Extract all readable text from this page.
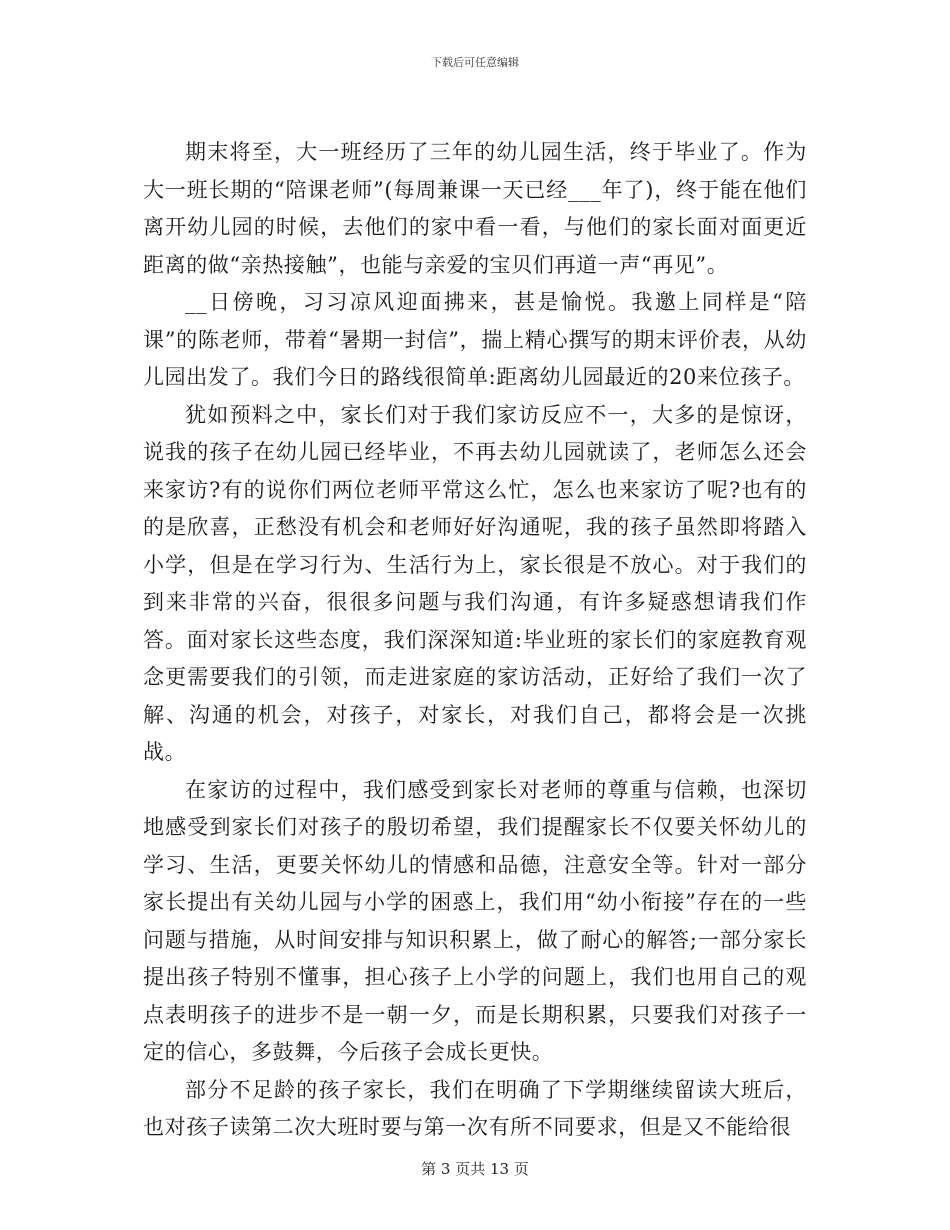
下载后可任意编辑

期末将至，大一班经历了三年的幼儿园生活，终于毕业了。作为大一班长期的“陪课老师”(每周兼课一天已经___年了)，终于能在他们离开幼儿园的时候，去他们的家中看一看，与他们的家长面对面更近距离的做“亲热接触”，也能与亲爱的宝贝们再道一声“再见”。

__日傍晚，习习凉风迎面拂来，甚是愉悦。我邀上同样是“陪课”的陈老师，带着“暑期一封信”，揣上精心撰写的期末评价表，从幼儿园出发了。我们今日的路线很简单:距离幼儿园最近的20来位孩子。

犹如预料之中，家长们对于我们家访反应不一，大多的是惊讶，说我的孩子在幼儿园已经毕业，不再去幼儿园就读了，老师怎么还会来家访?有的说你们两位老师平常这么忙，怎么也来家访了呢?也有的的是欣喜，正愁没有机会和老师好好沟通呢，我的孩子虽然即将踏入小学，但是在学习行为、生活行为上，家长很是不放心。对于我们的到来非常的兴奋，很很多问题与我们沟通，有许多疑惑想请我们作答。面对家长这些态度，我们深深知道:毕业班的家长们的家庭教育观念更需要我们的引领，而走进家庭的家访活动，正好给了我们一次了解、沟通的机会，对孩子，对家长，对我们自己，都将会是一次挑战。

在家访的过程中，我们感受到家长对老师的尊重与信赖，也深切地感受到家长们对孩子的殷切希望，我们提醒家长不仅要关怀幼儿的学习、生活，更要关怀幼儿的情感和品德，注意安全等。针对一部分家长提出有关幼儿园与小学的困惑上，我们用“幼小衔接”存在的一些问题与措施，从时间安排与知识积累上，做了耐心的解答;一部分家长提出孩子特别不懂事，担心孩子上小学的问题上，我们也用自己的观点表明孩子的进步不是一朝一夕，而是长期积累，只要我们对孩子一定的信心，多鼓舞，今后孩子会成长更快。

部分不足龄的孩子家长，我们在明确了下学期继续留读大班后，也对孩子读第二次大班时要与第一次有所不同要求，但是又不能给很

第 3 页共 13 页
